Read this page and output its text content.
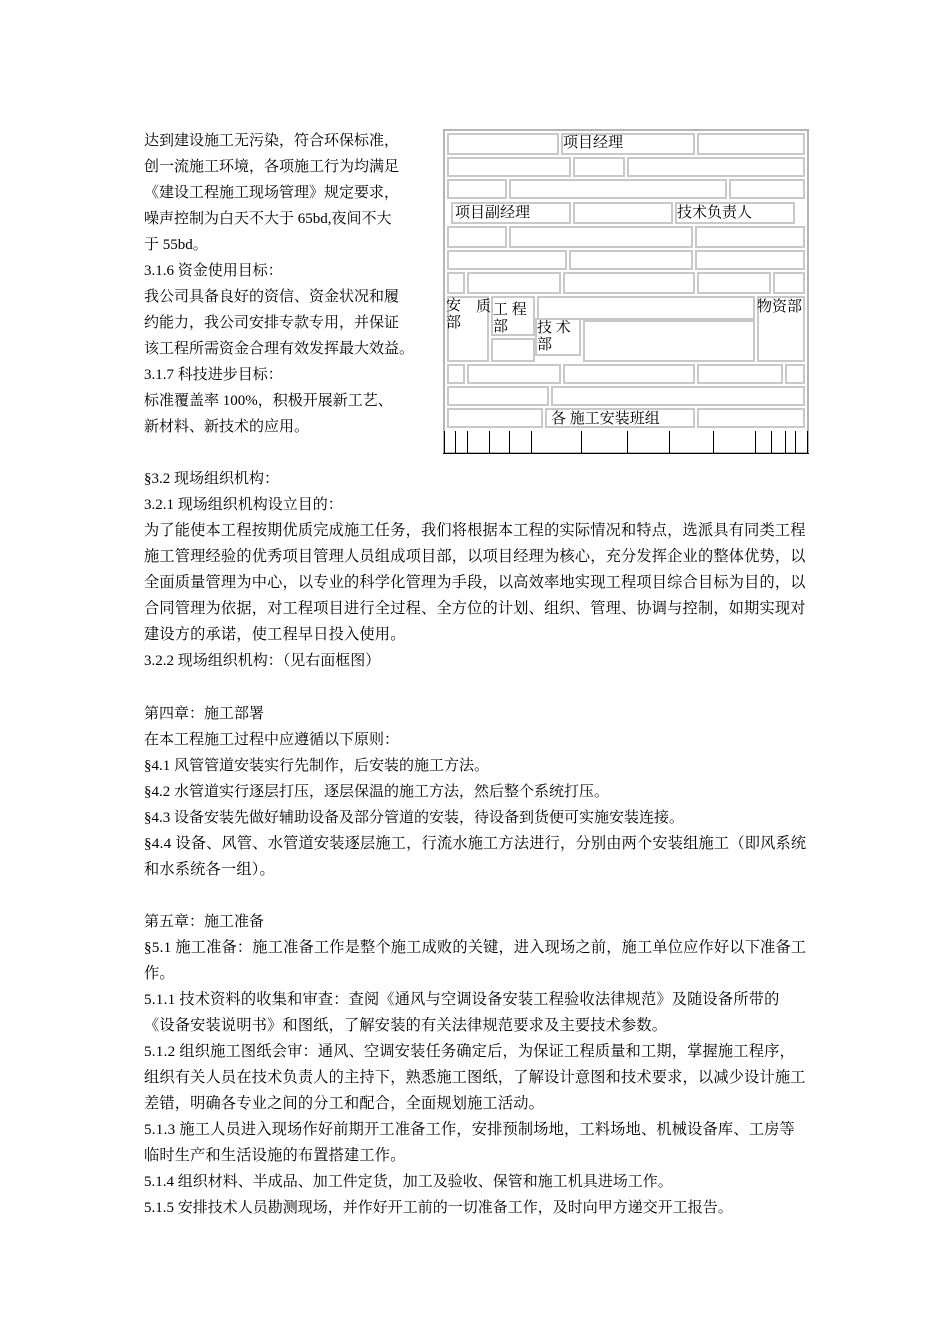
达到建设施工无污染，符合环保标准，
创一流施工环境，各项施工行为均满足
《建设工程施工现场管理》规定要求，
噪声控制为白天不大于 65bd,夜间不大
于 55bd。
3.1.6 资金使用目标：
我公司具备良好的资信、资金状况和履
约能力，我公司安排专款专用，并保证
该工程所需资金合理有效发挥最大效益。
3.1.7 科技进步目标：
标准覆盖率 100%，积极开展新工艺、
新材料、新技术的应用。
项目经理
项目副经理	技术负责人
安 部
质 工 程 部	技 术 部
物资部
各 施工安装班组
§3.2 现场组织机构：
3.2.1 现场组织机构设立目的：
为了能使本工程按期优质完成施工任务，我们将根据本工程的实际情况和特点，选派具有同类工程施工管理经验的优秀项目管理人员组成项目部，以项目经理为核心，充分发挥企业的整体优势，以全面质量管理为中心，以专业的科学化管理为手段，以高效率地实现工程项目综合目标为目的，以合同管理为依据，对工程项目进行全过程、全方位的计划、组织、管理、协调与控制，如期实现对建设方的承诺，使工程早日投入使用。
3.2.2 现场组织机构：（见右面框图）
第四章：施工部署
在本工程施工过程中应遵循以下原则：
§4.1 风管管道安装实行先制作，后安装的施工方法。
§4.2 水管道实行逐层打压，逐层保温的施工方法，然后整个系统打压。
§4.3 设备安装先做好辅助设备及部分管道的安装，待设备到货便可实施安装连接。
§4.4 设备、风管、水管道安装逐层施工，行流水施工方法进行，分别由两个安装组施工（即风系统和水系统各一组）。
第五章：施工准备
§5.1 施工准备：施工准备工作是整个施工成败的关键，进入现场之前，施工单位应作好以下准备工作。
5.1.1 技术资料的收集和审查：查阅《通风与空调设备安装工程验收法律规范》及随设备所带的《设备安装说明书》和图纸，了解安装的有关法律规范要求及主要技术参数。
5.1.2 组织施工图纸会审：通风、空调安装任务确定后，为保证工程质量和工期，掌握施工程序，组织有关人员在技术负责人的主持下，熟悉施工图纸，了解设计意图和技术要求，以减少设计施工差错，明确各专业之间的分工和配合，全面规划施工活动。
5.1.3 施工人员进入现场作好前期开工准备工作，安排预制场地，工料场地、机械设备库、工房等临时生产和生活设施的布置搭建工作。
5.1.4 组织材料、半成品、加工件定货，加工及验收、保管和施工机具进场工作。
5.1.5 安排技术人员勘测现场，并作好开工前的一切准备工作，及时向甲方递交开工报告。
